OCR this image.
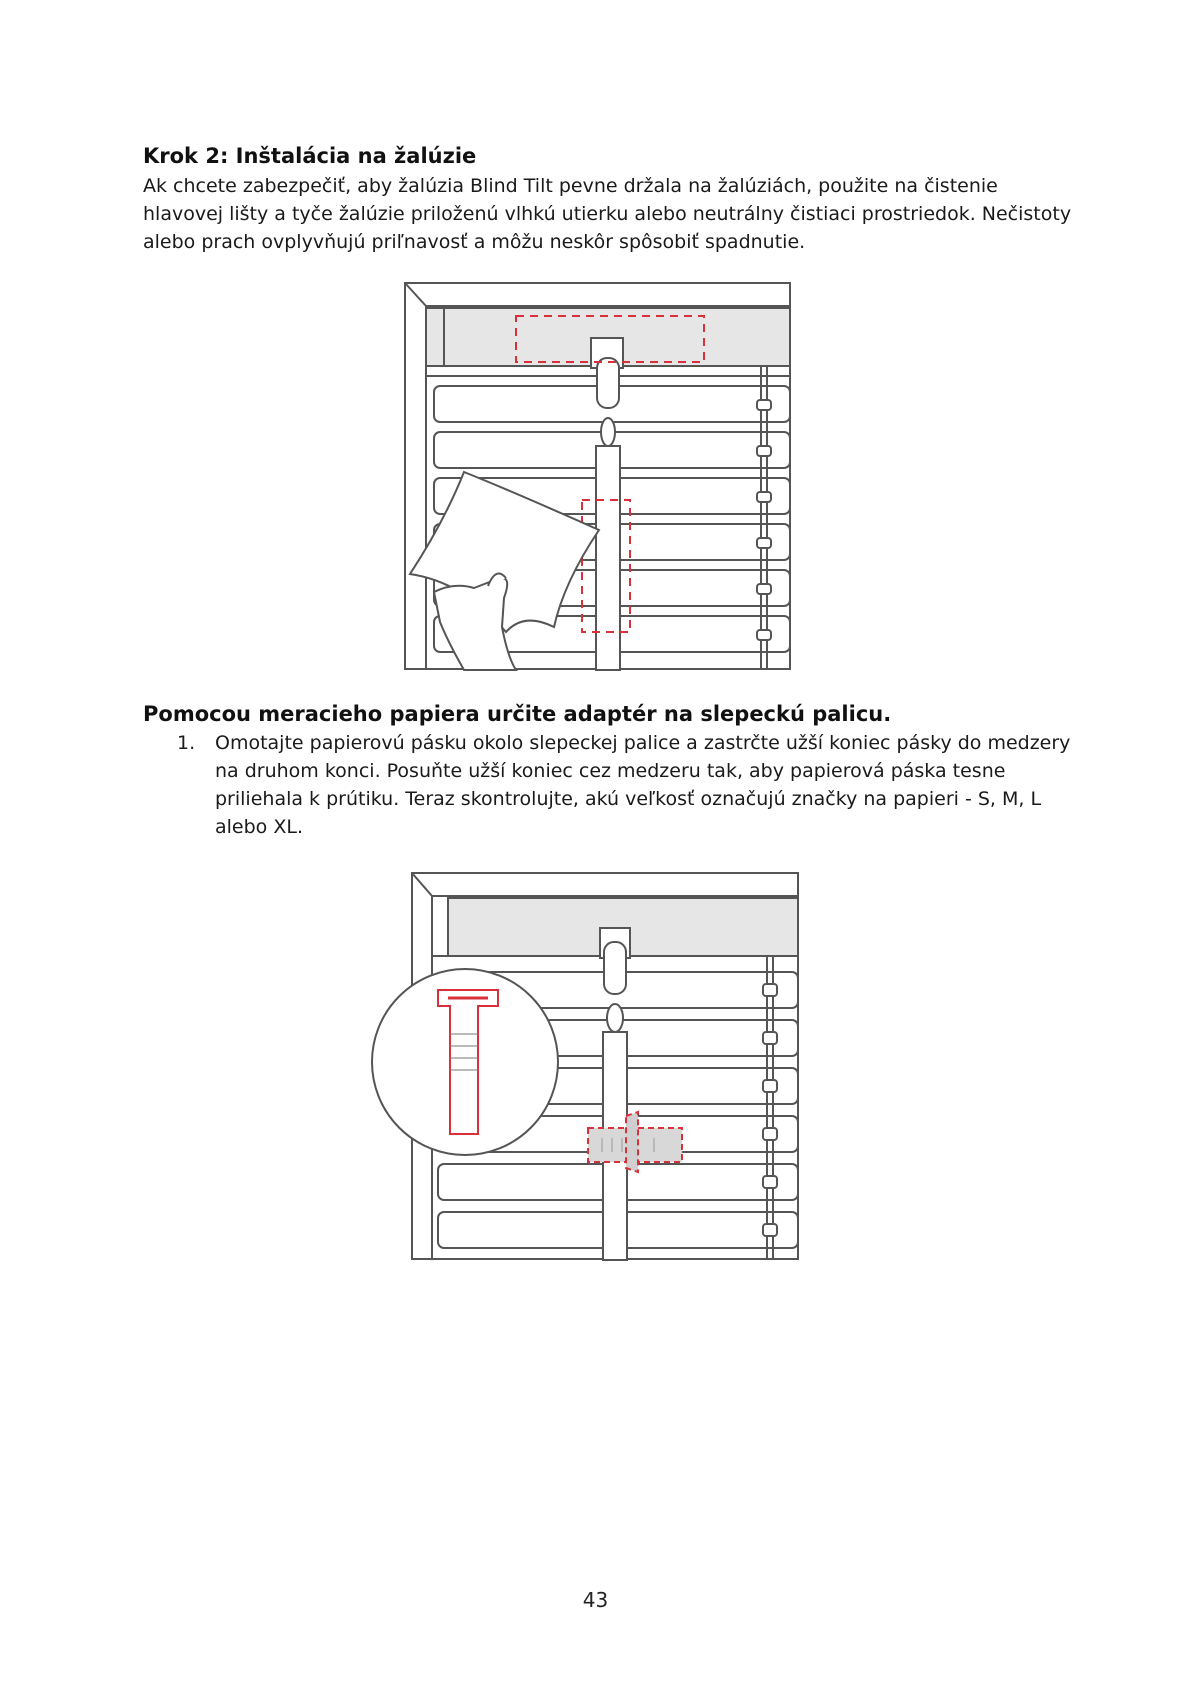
Krok 2: Inštalácia na žalúzie

Ak chcete zabezpečiť, aby žalúzia Blind Tilt pevne držala na žalúziách, použite na čistenie hlavovej lišty a tyče žalúzie priloženú vlhkú utierku alebo neutrálny čistiaci prostriedok. Nečistoty alebo prach ovplyvňujú priľnavosť a môžu neskôr spôsobiť spadnutie.

Pomocou meracieho papiera určite adaptér na slepeckú palicu.
1. Omotajte papierovú pásku okolo slepeckej palice a zastrčte užší koniec pásky do medzery na druhom konci. Posuňte užší koniec cez medzeru tak, aby papierová páska tesne priliehala k prútiku. Teraz skontrolujte, akú veľkosť označujú značky na papieri - S, M, L alebo XL.
43
